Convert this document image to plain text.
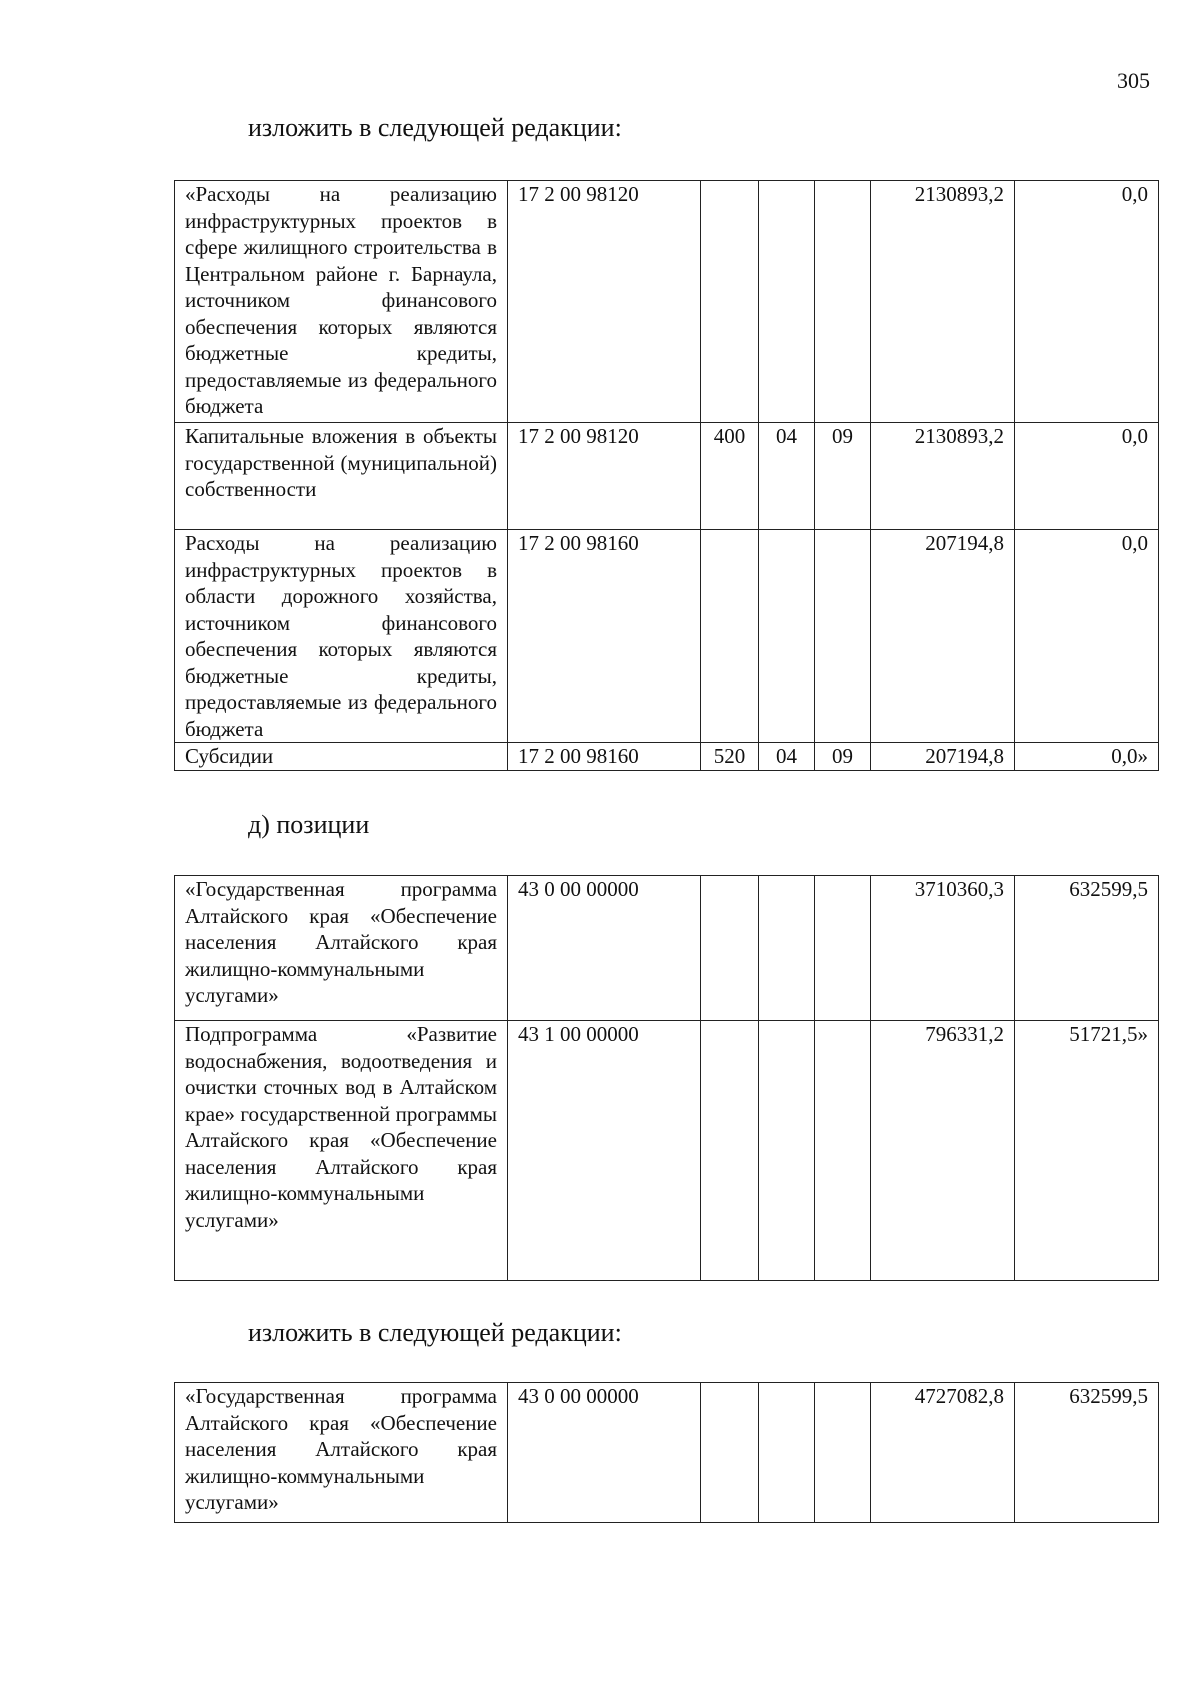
305
изложить в следующей редакции:
«Расходы на реализацию инфраструктурных проектов в сфере жилищного строительства в Центральном районе г. Барнаула, источником финансового обеспечения которых являются бюджетные кредиты, предоставляемые из федерального бюджета	17 2 00 98120				2130893,2	0,0
Капитальные вложения в объекты государственной (муниципальной) собственности	17 2 00 98120	400	04	09	2130893,2	0,0
Расходы на реализацию инфраструктурных проектов в области дорожного хозяйства, источником финансового обеспечения которых являются бюджетные кредиты, предоставляемые из федерального бюджета	17 2 00 98160				207194,8	0,0
Субсидии	17 2 00 98160	520	04	09	207194,8	0,0»
д) позиции
«Государственная программа Алтайского края «Обеспечение населения Алтайского края жилищно-коммунальными услугами»	43 0 00 00000				3710360,3	632599,5
Подпрограмма «Развитие водоснабжения, водоотведения и очистки сточных вод в Алтайском крае» государственной программы Алтайского края «Обеспечение населения Алтайского края жилищно-коммунальными услугами»	43 1 00 00000				796331,2	51721,5»
изложить в следующей редакции:
«Государственная программа Алтайского края «Обеспечение населения Алтайского края жилищно-коммунальными услугами»	43 0 00 00000				4727082,8	632599,5
